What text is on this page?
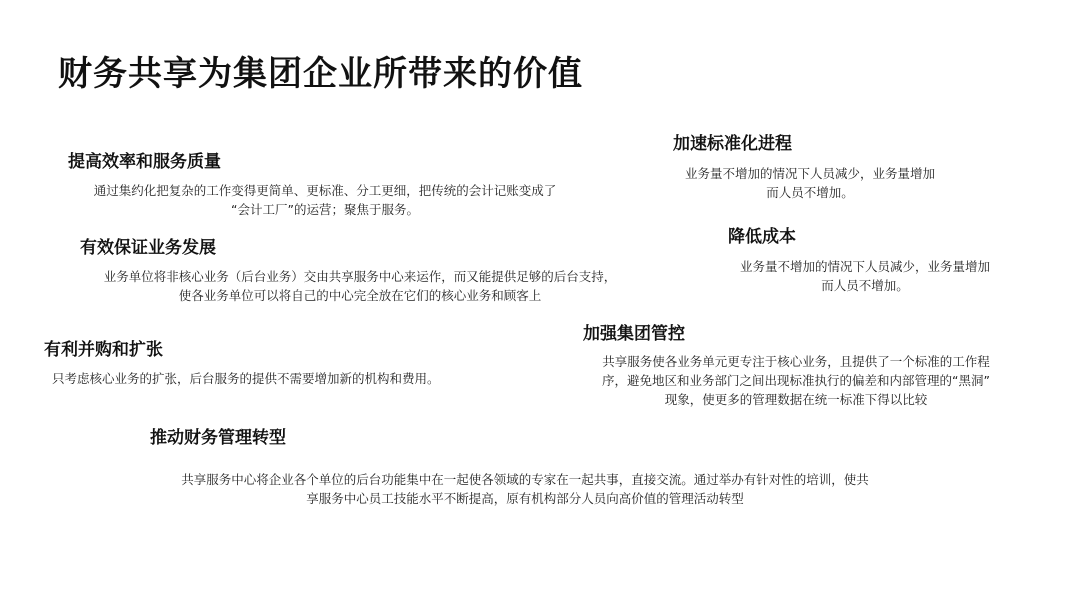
财务共享为集团企业所带来的价值
提高效率和服务质量
通过集约化把复杂的工作变得更简单、更标准、分工更细，把传统的会计记账变成了
“会计工厂”的运营；聚焦于服务。
有效保证业务发展
业务单位将非核心业务（后台业务）交由共享服务中心来运作，而又能提供足够的后台支持，
使各业务单位可以将自己的中心完全放在它们的核心业务和顾客上
有利并购和扩张
只考虑核心业务的扩张，后台服务的提供不需要增加新的机构和费用。
推动财务管理转型
共享服务中心将企业各个单位的后台功能集中在一起使各领域的专家在一起共事，直接交流。通过举办有针对性的培训，使共
享服务中心员工技能水平不断提高，原有机构部分人员向高价值的管理活动转型
加速标准化进程
业务量不增加的情况下人员减少，业务量增加
而人员不增加。
降低成本
业务量不增加的情况下人员减少，业务量增加
而人员不增加。
加强集团管控
共享服务使各业务单元更专注于核心业务，且提供了一个标准的工作程
序，避免地区和业务部门之间出现标准执行的偏差和内部管理的“黑洞”
现象，使更多的管理数据在统一标准下得以比较
